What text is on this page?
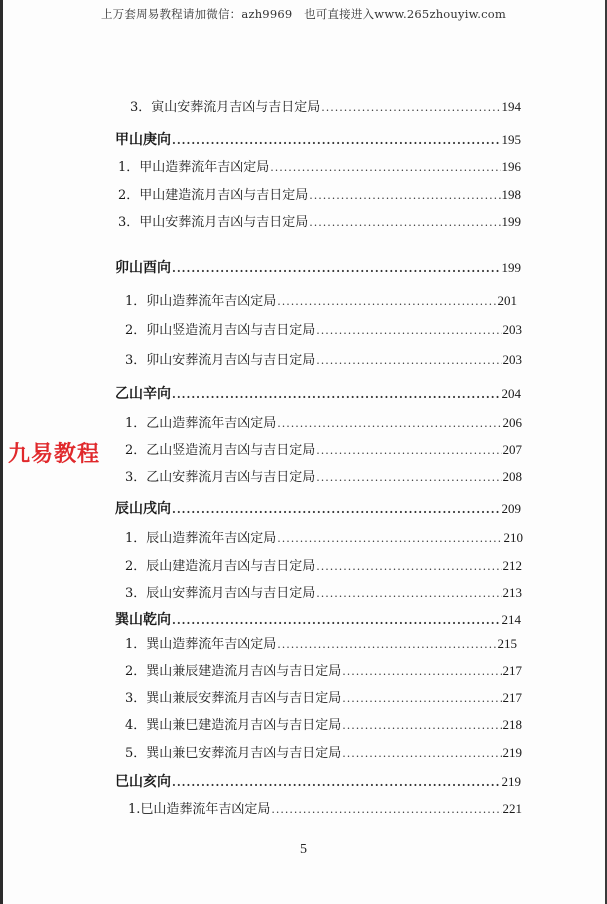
上万套周易教程请加微信：azh9969　也可直接进入www.265zhouyiw.com
3．寅山安葬流月吉凶与吉日定局 .....	194
甲山庚向 .....	195
1．甲山造葬流年吉凶定局 .....	196
2．甲山建造流月吉凶与吉日定局 .....	198
3．甲山安葬流月吉凶与吉日定局 .....	199
卯山酉向 .....	199
1．卯山造葬流年吉凶定局 .....	201
2．卯山竖造流月吉凶与吉日定局 .....	203
3．卯山安葬流月吉凶与吉日定局 .....	203
乙山辛向 .....	204
1．乙山造葬流年吉凶定局 .....	206
2．乙山竖造流月吉凶与吉日定局 .....	207
3．乙山安葬流月吉凶与吉日定局 .....	208
辰山戌向 .....	209
1．辰山造葬流年吉凶定局 .....	210
2．辰山建造流月吉凶与吉日定局 .....	212
3．辰山安葬流月吉凶与吉日定局 .....	213
巽山乾向 .....	214
1．巽山造葬流年吉凶定局 .....	215
2．巽山兼辰建造流月吉凶与吉日定局 .....	217
3．巽山兼辰安葬流月吉凶与吉日定局 .....	217
4．巽山兼巳建造流月吉凶与吉日定局 .....	218
5．巽山兼巳安葬流月吉凶与吉日定局 .....	219
巳山亥向 .....	219
1.巳山造葬流年吉凶定局 .....	221
九易教程
5
